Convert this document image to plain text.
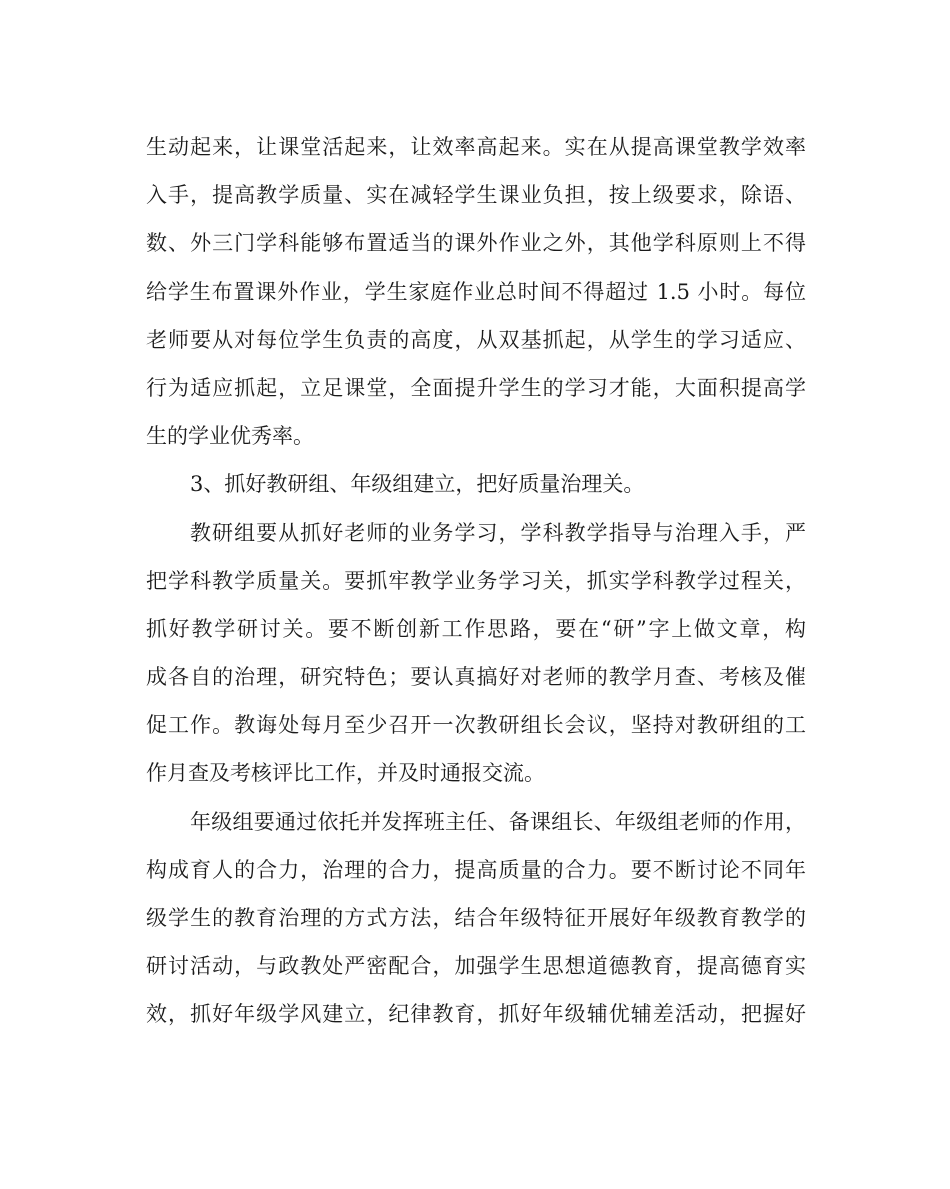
生动起来，让课堂活起来，让效率高起来。实在从提高课堂教学效率
入手，提高教学质量、实在减轻学生课业负担，按上级要求，除语、
数、外三门学科能够布置适当的课外作业之外，其他学科原则上不得
给学生布置课外作业，学生家庭作业总时间不得超过 1.5 小时。每位
老师要从对每位学生负责的高度，从双基抓起，从学生的学习适应、
行为适应抓起，立足课堂，全面提升学生的学习才能，大面积提高学
生的学业优秀率。
3、抓好教研组、年级组建立，把好质量治理关。
教研组要从抓好老师的业务学习，学科教学指导与治理入手，严
把学科教学质量关。要抓牢教学业务学习关，抓实学科教学过程关，
抓好教学研讨关。要不断创新工作思路，要在“研”字上做文章，构
成各自的治理，研究特色；要认真搞好对老师的教学月查、考核及催
促工作。教诲处每月至少召开一次教研组长会议，坚持对教研组的工
作月查及考核评比工作，并及时通报交流。
年级组要通过依托并发挥班主任、备课组长、年级组老师的作用，
构成育人的合力，治理的合力，提高质量的合力。要不断讨论不同年
级学生的教育治理的方式方法，结合年级特征开展好年级教育教学的
研讨活动，与政教处严密配合，加强学生思想道德教育，提高德育实
效，抓好年级学风建立，纪律教育，抓好年级辅优辅差活动，把握好
